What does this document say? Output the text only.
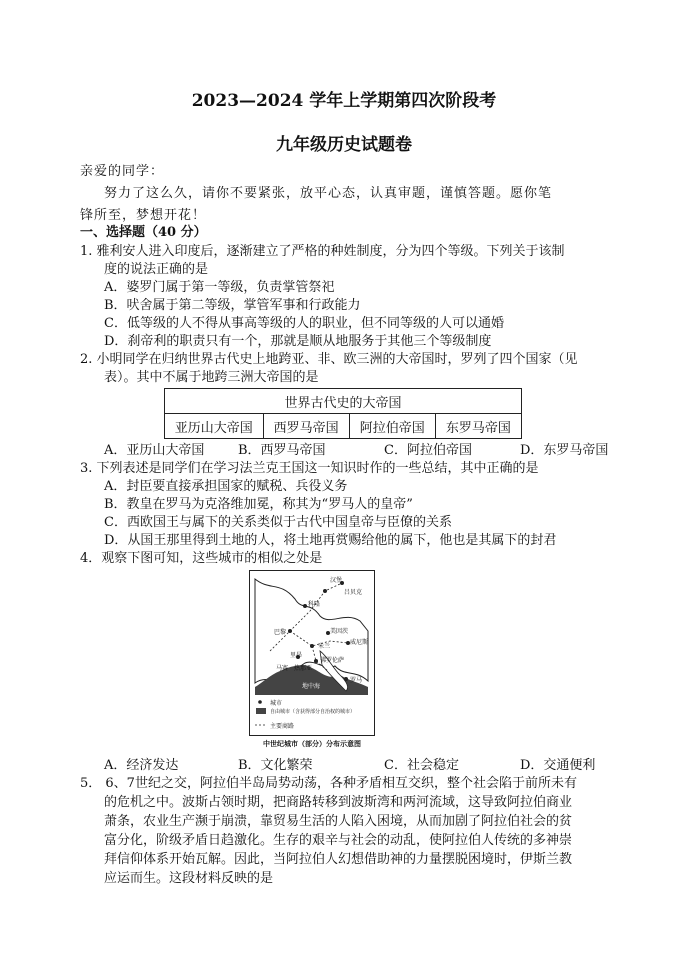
2023—2024 学年上学期第四次阶段考
九年级历史试题卷
亲爱的同学：
努力了这么久，请你不要紧张，放平心态，认真审题，谨慎答题。愿你笔
锋所至，梦想开花！
一、选择题（40 分）
1. 雅利安人进入印度后，逐渐建立了严格的种姓制度，分为四个等级。下列关于该制
度的说法正确的是
A．婆罗门属于第一等级，负责掌管祭祀
B．吠舍属于第二等级，掌管军事和行政能力
C．低等级的人不得从事高等级的人的职业，但不同等级的人可以通婚
D．刹帝利的职责只有一个，那就是顺从地服务于其他三个等级制度
2. 小明同学在归纳世界古代史上地跨亚、非、欧三洲的大帝国时，罗列了四个国家（见
表）。其中不属于地跨三洲大帝国的是
世界古代史的大帝国
亚历山大帝国	西罗马帝国	阿拉伯帝国	东罗马帝国
A．亚历山大帝国	B．西罗马帝国	C．阿拉伯帝国	D．东罗马帝国
3. 下列表述是同学们在学习法兰克王国这一知识时作的一些总结，其中正确的是
A．封臣要直接承担国家的赋税、兵役义务
B．教皇在罗马为克洛维加冕，称其为“罗马人的皇帝”
C．西欧国王与属下的关系类似于古代中国皇帝与臣僚的关系
D．从国王那里得到土地的人，将土地再赏赐给他的属下，他也是其属下的封君
4．观察下图可知，这些城市的相似之处是
城市
自由城市（含获得部分自治权的城市）
主要商路
汉堡
吕贝克
科隆
美因茨
巴黎
里昂
威尼斯
热那亚
米兰
罗马
马赛
佛罗伦萨
地中海
中世纪城市（部分）分布示意图
A．经济发达	B．文化繁荣	C．社会稳定	D．交通便利
5． 6、7世纪之交，阿拉伯半岛局势动荡，各种矛盾相互交织，整个社会陷于前所未有
的危机之中。波斯占领时期，把商路转移到波斯湾和两河流域，这导致阿拉伯商业
萧条，农业生产濒于崩溃，靠贸易生活的人陷入困境，从而加剧了阿拉伯社会的贫
富分化，阶级矛盾日趋激化。生存的艰辛与社会的动乱，使阿拉伯人传统的多神崇
拜信仰体系开始瓦解。因此，当阿拉伯人幻想借助神的力量摆脱困境时，伊斯兰教
应运而生。这段材料反映的是
